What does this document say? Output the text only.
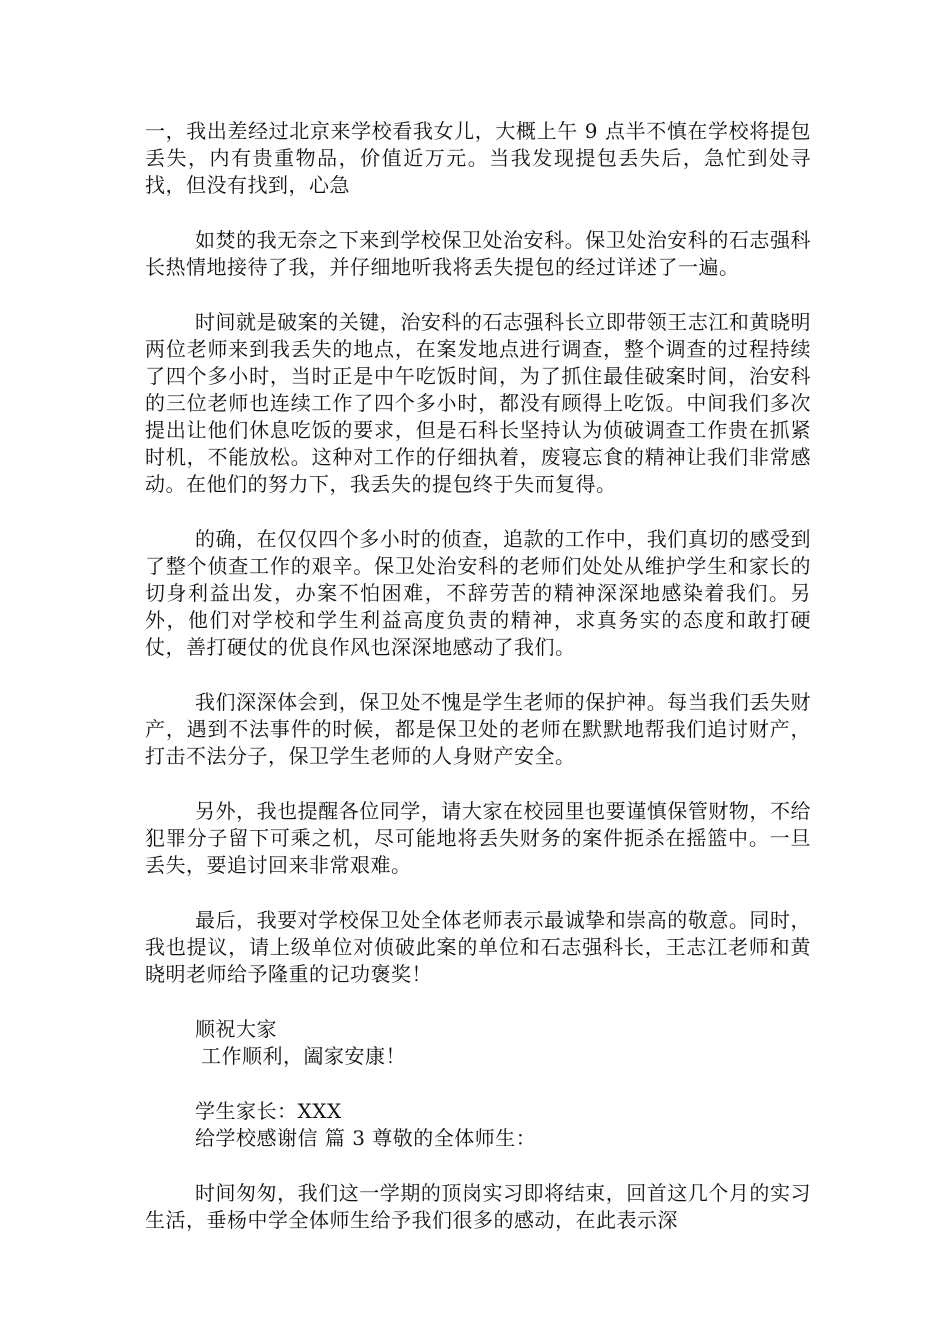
一，我出差经过北京来学校看我女儿，大概上午 9 点半不慎在学校将提包丢失，内有贵重物品，价值近万元。当我发现提包丢失后，急忙到处寻找，但没有找到，心急

如焚的我无奈之下来到学校保卫处治安科。保卫处治安科的石志强科长热情地接待了我，并仔细地听我将丢失提包的经过详述了一遍。

时间就是破案的关键，治安科的石志强科长立即带领王志江和黄晓明两位老师来到我丢失的地点，在案发地点进行调查，整个调查的过程持续了四个多小时，当时正是中午吃饭时间，为了抓住最佳破案时间，治安科的三位老师也连续工作了四个多小时，都没有顾得上吃饭。中间我们多次提出让他们休息吃饭的要求，但是石科长坚持认为侦破调查工作贵在抓紧时机，不能放松。这种对工作的仔细执着，废寝忘食的精神让我们非常感动。在他们的努力下，我丢失的提包终于失而复得。

的确，在仅仅四个多小时的侦查，追款的工作中，我们真切的感受到了整个侦查工作的艰辛。保卫处治安科的老师们处处从维护学生和家长的切身利益出发，办案不怕困难，不辞劳苦的精神深深地感染着我们。另外，他们对学校和学生利益高度负责的精神，求真务实的态度和敢打硬仗，善打硬仗的优良作风也深深地感动了我们。

我们深深体会到，保卫处不愧是学生老师的保护神。每当我们丢失财产，遇到不法事件的时候，都是保卫处的老师在默默地帮我们追讨财产，打击不法分子，保卫学生老师的人身财产安全。

另外，我也提醒各位同学，请大家在校园里也要谨慎保管财物，不给犯罪分子留下可乘之机，尽可能地将丢失财务的案件扼杀在摇篮中。一旦丢失，要追讨回来非常艰难。

最后，我要对学校保卫处全体老师表示最诚挚和崇高的敬意。同时，我也提议，请上级单位对侦破此案的单位和石志强科长，王志江老师和黄晓明老师给予隆重的记功褒奖！

顺祝大家

工作顺利，阖家安康！

学生家长：XXX

给学校感谢信 篇 3 尊敬的全体师生：

时间匆匆，我们这一学期的顶岗实习即将结束，回首这几个月的实习生活，垂杨中学全体师生给予我们很多的感动，在此表示深
